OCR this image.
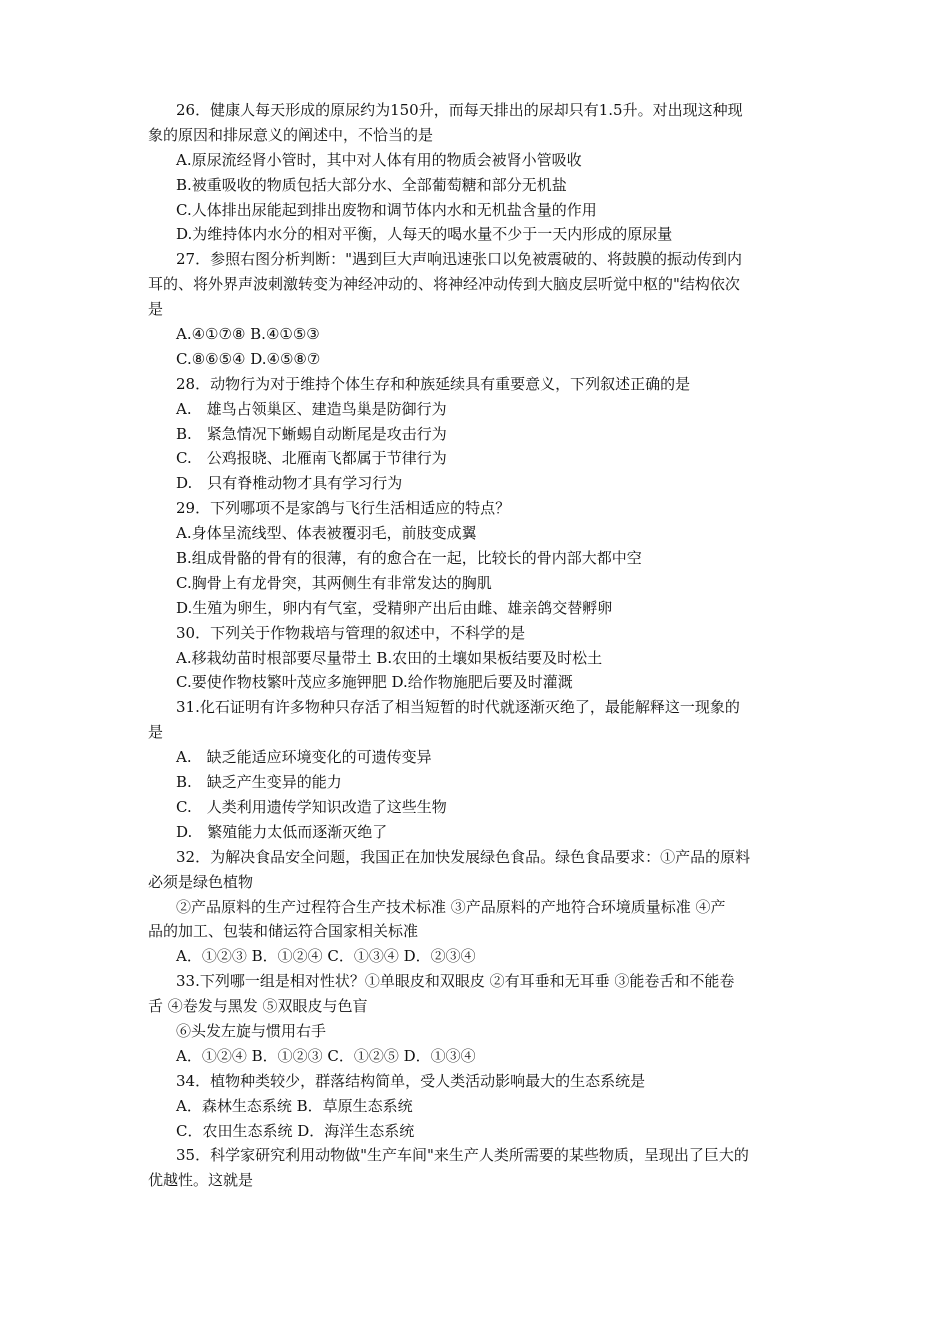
26．健康人每天形成的原尿约为150升，而每天排出的尿却只有1.5升。对出现这种现
象的原因和排尿意义的阐述中，不恰当的是
A.原尿流经肾小管时，其中对人体有用的物质会被肾小管吸收
B.被重吸收的物质包括大部分水、全部葡萄糖和部分无机盐
C.人体排出尿能起到排出废物和调节体内水和无机盐含量的作用
D.为维持体内水分的相对平衡，人每天的喝水量不少于一天内形成的原尿量
27．参照右图分析判断："遇到巨大声响迅速张口以免被震破的、将鼓膜的振动传到内
耳的、将外界声波刺激转变为神经冲动的、将神经冲动传到大脑皮层听觉中枢的"结构依次
是
A.④①⑦⑧ B.④①⑤③
C.⑧⑥⑤④ D.④⑤⑧⑦
28．动物行为对于维持个体生存和种族延续具有重要意义，下列叙述正确的是
A.　雄鸟占领巢区、建造鸟巢是防御行为
B.　紧急情况下蜥蜴自动断尾是攻击行为
C.　公鸡报晓、北雁南飞都属于节律行为
D.　只有脊椎动物才具有学习行为
29．下列哪项不是家鸽与飞行生活相适应的特点？
A.身体呈流线型、体表被覆羽毛，前肢变成翼
B.组成骨骼的骨有的很薄，有的愈合在一起，比较长的骨内部大都中空
C.胸骨上有龙骨突，其两侧生有非常发达的胸肌
D.生殖为卵生，卵内有气室，受精卵产出后由雌、雄亲鸽交替孵卵
30．下列关于作物栽培与管理的叙述中，不科学的是
A.移栽幼苗时根部要尽量带土 B.农田的土壤如果板结要及时松土
C.要使作物枝繁叶茂应多施钾肥 D.给作物施肥后要及时灌溉
31.化石证明有许多物种只存活了相当短暂的时代就逐渐灭绝了，最能解释这一现象的
是
A.　缺乏能适应环境变化的可遗传变异
B.　缺乏产生变异的能力
C.　人类利用遗传学知识改造了这些生物
D.　繁殖能力太低而逐渐灭绝了
32．为解决食品安全问题，我国正在加快发展绿色食品。绿色食品要求：①产品的原料
必须是绿色植物
②产品原料的生产过程符合生产技术标准 ③产品原料的产地符合环境质量标准 ④产
品的加工、包装和储运符合国家相关标准
A．①②③ B．①②④ C．①③④ D．②③④
33.下列哪一组是相对性状？①单眼皮和双眼皮 ②有耳垂和无耳垂 ③能卷舌和不能卷
舌 ④卷发与黑发 ⑤双眼皮与色盲
⑥头发左旋与惯用右手
A．①②④ B．①②③ C．①②⑤ D．①③④
34．植物种类较少，群落结构简单，受人类活动影响最大的生态系统是
A．森林生态系统 B．草原生态系统
C．农田生态系统 D．海洋生态系统
35．科学家研究利用动物做"生产车间"来生产人类所需要的某些物质，呈现出了巨大的
优越性。这就是
